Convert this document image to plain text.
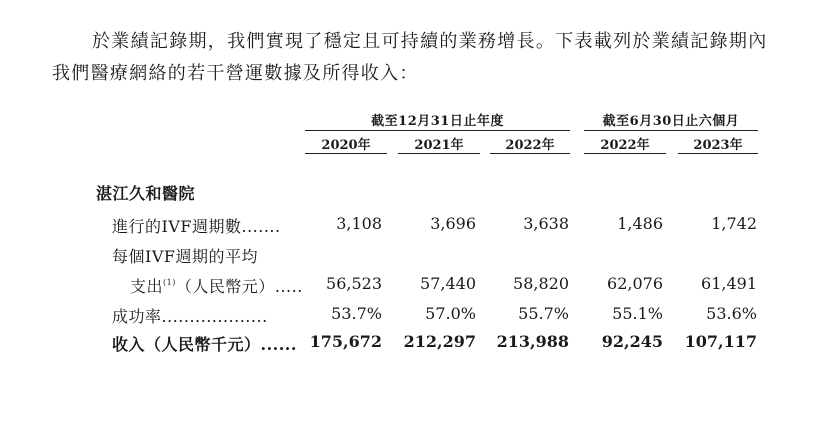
於業績記錄期，我們實現了穩定且可持續的業務增長。下表載列於業績記錄期內
我們醫療網絡的若干營運數據及所得收入：
截至12月31日止年度	截至6月30日止六個月
2020年	2021年	2022年	2022年	2023年
湛江久和醫院
進行的IVF週期數.......	3,108	3,696	3,638	1,486	1,742
每個IVF週期的平均
支出$^{(1)}$（人民幣元）.....	56,523	57,440	58,820	62,076	61,491
成功率...................	53.7%	57.0%	55.7%	55.1%	53.6%
收入（人民幣千元）...... 175,672	212,297	213,988	92,245	107,117
